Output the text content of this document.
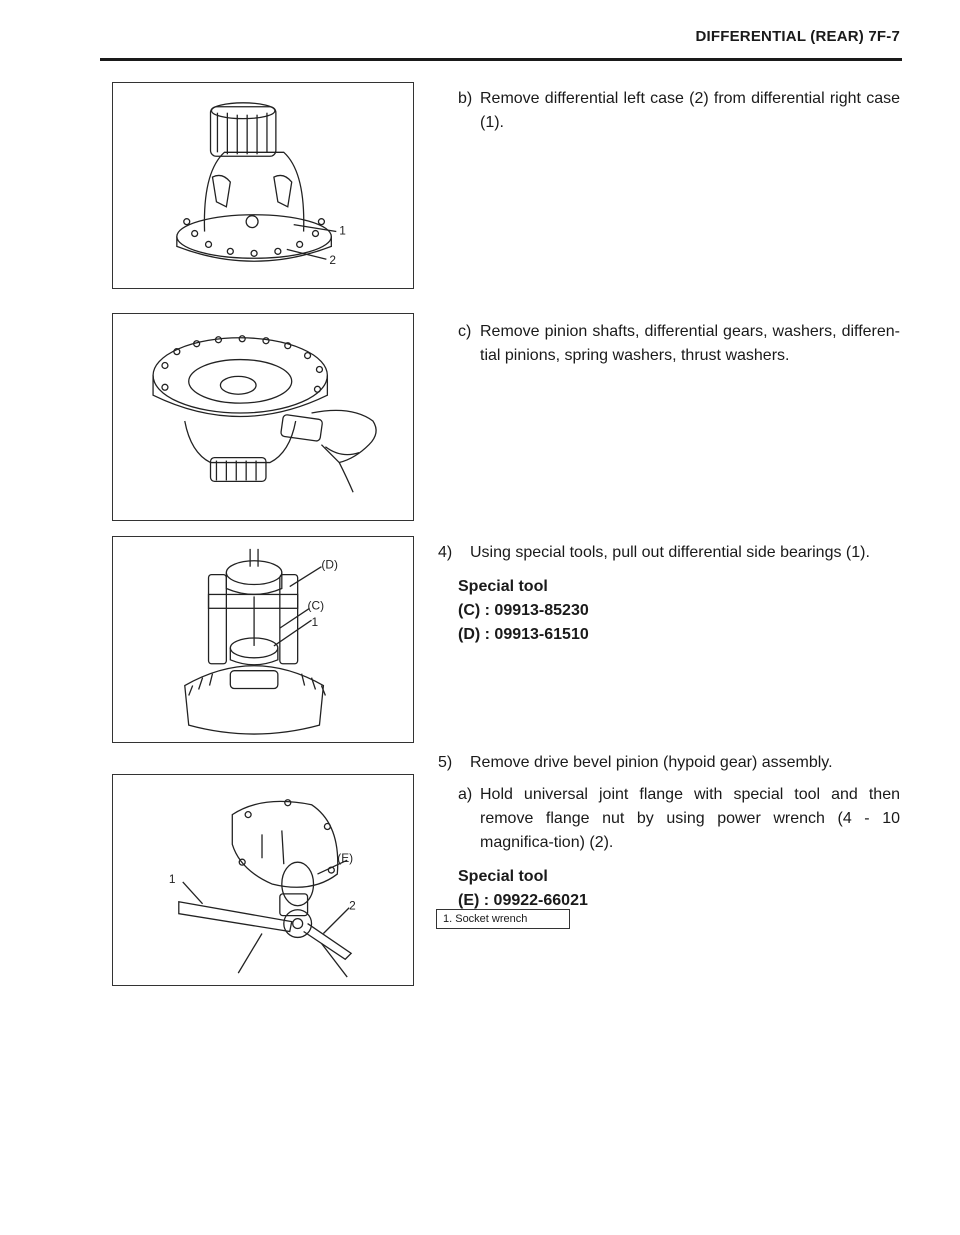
DIFFERENTIAL (REAR) 7F-7
1
2
(D)
(C)
1
(E)
1
2
b) Remove differential left case (2) from differential right case (1).
c) Remove pinion shafts, differential gears, washers, differen-tial pinions, spring washers, thrust washers.
4) Using special tools, pull out differential side bearings (1).
Special tool
(C) : 09913-85230
(D) : 09913-61510
5) Remove drive bevel pinion (hypoid gear) assembly.
a) Hold universal joint flange with special tool and then remove flange nut by using power wrench (4 - 10 magnifica-tion) (2).
Special tool
(E) : 09922-66021
1. Socket wrench
